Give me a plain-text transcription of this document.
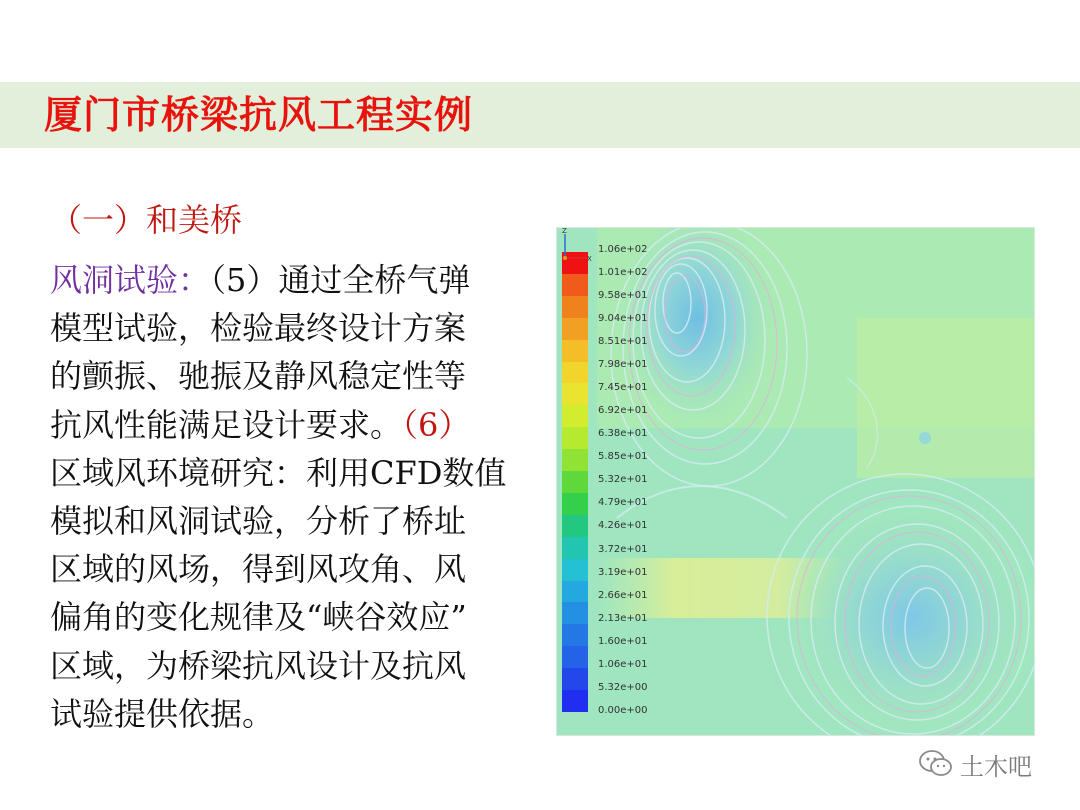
厦门市桥梁抗风工程实例
（一）和美桥
风洞试验：（5）通过全桥气弹
模型试验，检验最终设计方案
的颤振、驰振及静风稳定性等
抗风性能满足设计要求。（6）
区域风环境研究：利用CFD数值
模拟和风洞试验，分析了桥址
区域的风场，得到风攻角、风
偏角的变化规律及“峡谷效应”
区域，为桥梁抗风设计及抗风
试验提供依据。
1.06e+02
1.01e+02
9.58e+01
9.04e+01
8.51e+01
7.98e+01
7.45e+01
6.92e+01
6.38e+01
5.85e+01
5.32e+01
4.79e+01
4.26e+01
3.72e+01
3.19e+01
2.66e+01
2.13e+01
1.60e+01
1.06e+01
5.32e+00
0.00e+00
Z
X
土木吧
